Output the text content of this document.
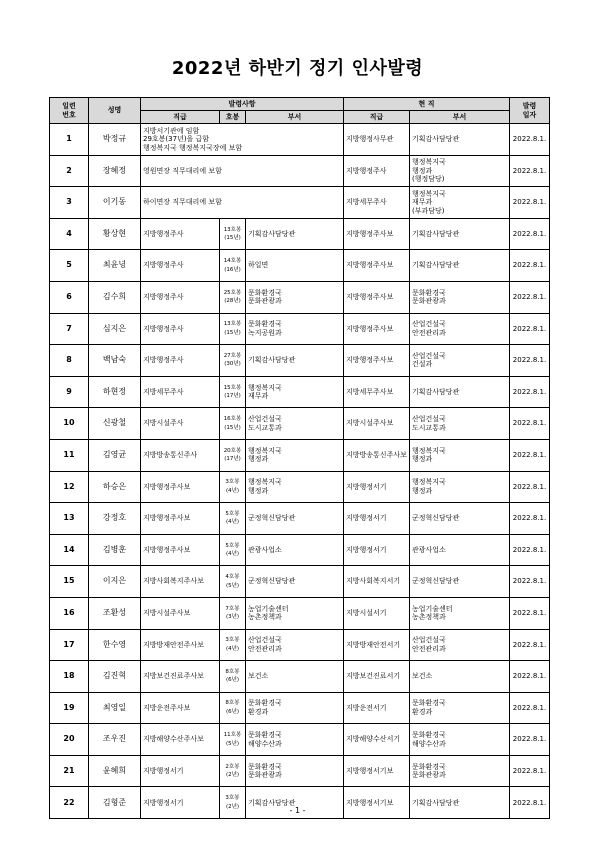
2022년 하반기 정기 인사발령
일련
번호	성명	발령사항			현 직		발령
일자

		직급	호봉	부서	직급	부서	
1	박정규	지방서기관에 임함
29호봉(37년)을 급함
행정복지국 행정복지국장에 보함			지방행정사무관	기획감사담당관	2022.8.1.
2	장혜정	영원면장 직무대리에 보함			지방행정주사	행정복지국
행정과
(행정담당)	2022.8.1.
3	이기동	하이면장 직무대리에 보함			지방세무주사	행정복지국
재무과
(부과담당)	2022.8.1.
4	황상현	지방행정주사	13호봉
(15년)	기획감사담당관	지방행정주사보	기획감사담당관	2022.8.1.
5	최윤녕	지방행정주사	14호봉
(16년)	하일면	지방행정주사보	기획감사담당관	2022.8.1.
6	김수희	지방행정주사	25호봉
(28년)	문화환경국
문화관광과	지방행정주사보	문화환경국
문화관광과	2022.8.1.
7	심지은	지방행정주사	13호봉
(15년)	문화환경국
녹지공원과	지방행정주사보	산업건설국
안전관리과	2022.8.1.
8	백남숙	지방행정주사	27호봉
(30년)	기획감사담당관	지방행정주사보	산업건설국
건설과	2022.8.1.
9	하현정	지방세무주사	15호봉
(17년)	행정복지국
재무과	지방세무주사보	기획감사담당관	2022.8.1.
10	신광철	지방시설주사	16호봉
(15년)	산업건설국
도시교통과	지방시설주사보	산업건설국
도시교통과	2022.8.1.
11	김영균	지방방송통신주사	20호봉
(17년)	행정복지국
행정과	지방방송통신주사보	행정복지국
행정과	2022.8.1.
12	하승은	지방행정주사보	3호봉
(4년)	행정복지국
행정과	지방행정서기	행정복지국
행정과	2022.8.1.
13	강정호	지방행정주사보	5호봉
(4년)	군정혁신담당관	지방행정서기	군정혁신담당관	2022.8.1.
14	김병훈	지방행정주사보	5호봉
(4년)	관광사업소	지방행정서기	관광사업소	2022.8.1.
15	이지은	지방사회복지주사보	4호봉
(5년)	군정혁신담당관	지방사회복지서기	군정혁신담당관	2022.8.1.
16	조환성	지방시설주사보	7호봉
(3년)	농업기술센터
농촌정책과	지방시설서기	농업기술센터
농촌정책과	2022.8.1.
17	한수영	지방방재안전주사보	3호봉
(4년)	산업건설국
안전관리과	지방방재안전서기	산업건설국
안전관리과	2022.8.1.
18	김진혁	지방보건진료주사보	8호봉
(6년)	보건소	지방보건진료서기	보건소	2022.8.1.
19	최영일	지방운전주사보	8호봉
(6년)	문화환경국
환경과	지방운전서기	문화환경국
환경과	2022.8.1.
20	조우진	지방해양수산주사보	11호봉
(5년)	문화환경국
해양수산과	지방해양수산서기	문화환경국
해양수산과	2022.8.1.
21	윤혜희	지방행정서기	2호봉
(2년)	문화환경국
문화관광과	지방행정서기보	문화환경국
문화관광과	2022.8.1.
22	김형준	지방행정서기	3호봉
(2년)	기획감사담당관	지방행정서기보	기획감사담당관	2022.8.1.
- 1 -
